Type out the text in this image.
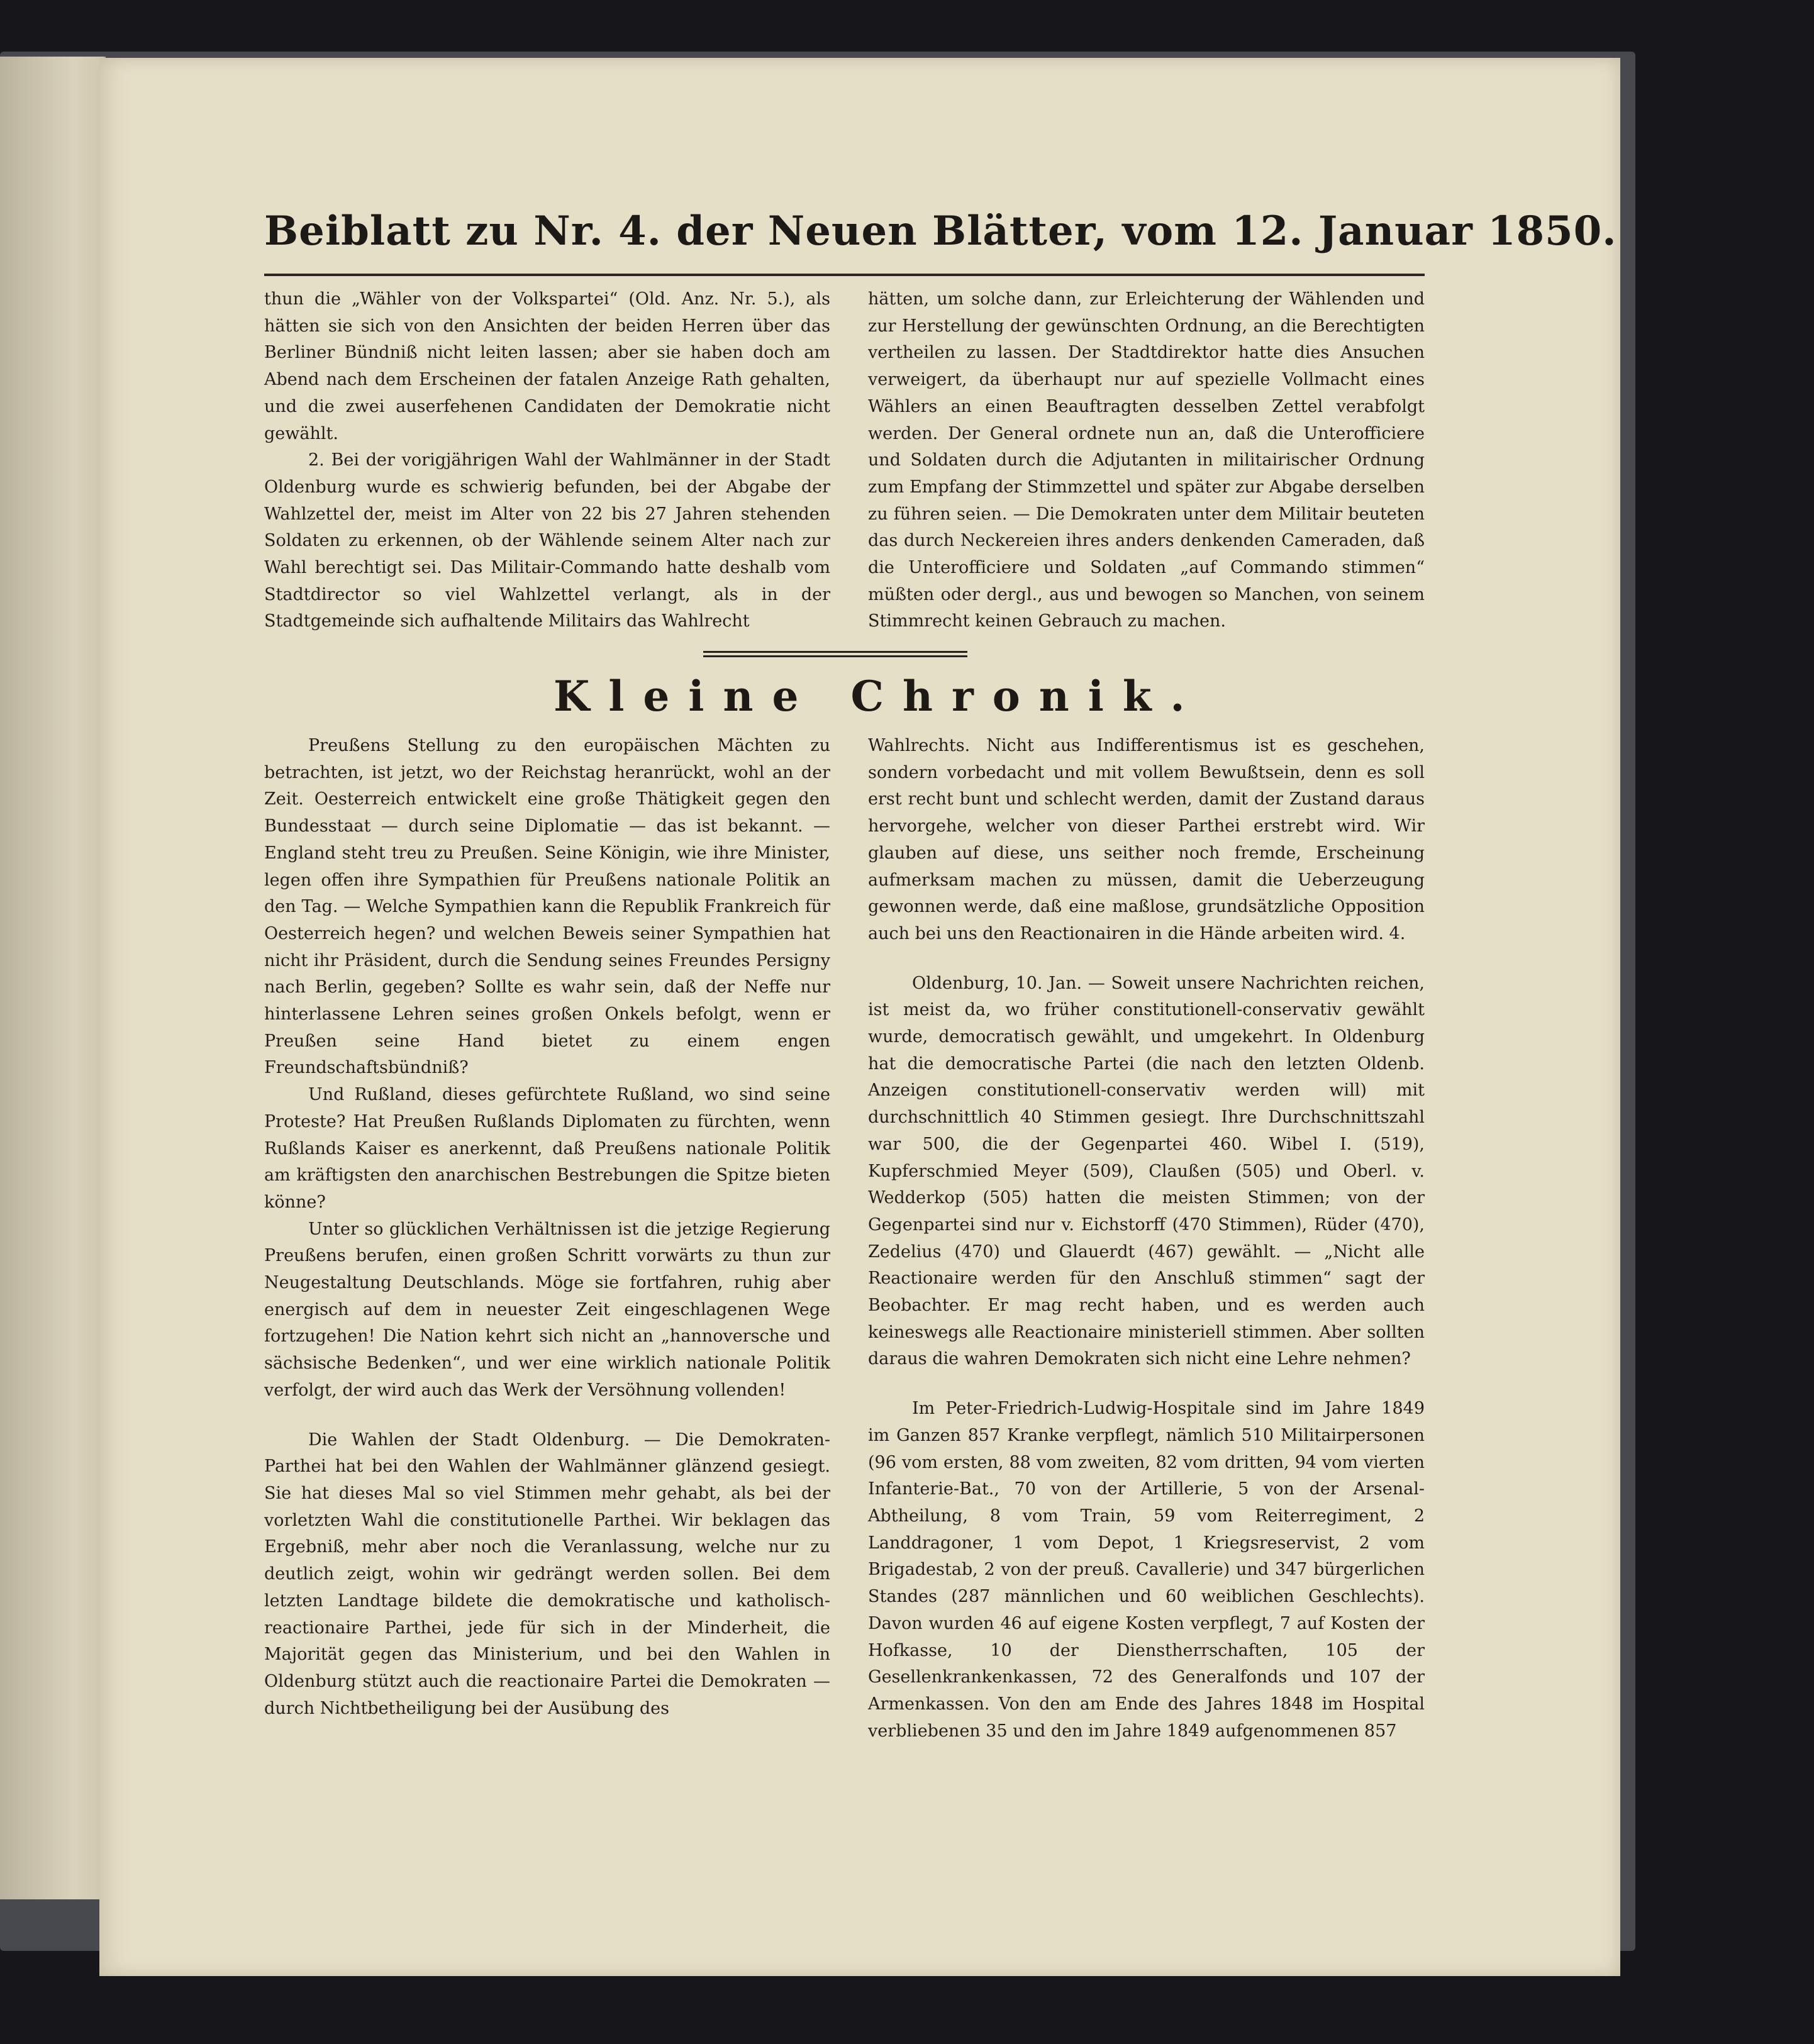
Beiblatt zu Nr. 4. der Neuen Blätter, vom 12. Januar 1850.

thun die „Wähler von der Volkspartei“ (Old. Anz. Nr. 5.), als hätten sie sich von den Ansichten der beiden Herren über das Berliner Bündniß nicht leiten lassen; aber sie haben doch am Abend nach dem Erscheinen der fatalen Anzeige Rath gehalten, und die zwei auserfehenen Candidaten der Demokratie nicht gewählt.

2. Bei der vorigjährigen Wahl der Wahlmänner in der Stadt Oldenburg wurde es schwierig befunden, bei der Abgabe der Wahlzettel der, meist im Alter von 22 bis 27 Jahren stehenden Soldaten zu erkennen, ob der Wählende seinem Alter nach zur Wahl berechtigt sei. Das Militair-Commando hatte deshalb vom Stadtdirector so viel Wahlzettel verlangt, als in der Stadtgemeinde sich aufhaltende Militairs das Wahlrecht

hätten, um solche dann, zur Erleichterung der Wählenden und zur Herstellung der gewünschten Ordnung, an die Berechtigten vertheilen zu lassen. Der Stadtdirektor hatte dies Ansuchen verweigert, da überhaupt nur auf spezielle Vollmacht eines Wählers an einen Beauftragten desselben Zettel verabfolgt werden. Der General ordnete nun an, daß die Unterofficiere und Soldaten durch die Adjutanten in militairischer Ordnung zum Empfang der Stimmzettel und später zur Abgabe derselben zu führen seien. — Die Demokraten unter dem Militair beuteten das durch Neckereien ihres anders denkenden Cameraden, daß die Unterofficiere und Soldaten „auf Commando stimmen“ müßten oder dergl., aus und bewogen so Manchen, von seinem Stimmrecht keinen Gebrauch zu machen.

Kleine Chronik.

Preußens Stellung zu den europäischen Mächten zu betrachten, ist jetzt, wo der Reichstag heranrückt, wohl an der Zeit. Oesterreich entwickelt eine große Thätigkeit gegen den Bundesstaat — durch seine Diplomatie — das ist bekannt. — England steht treu zu Preußen. Seine Königin, wie ihre Minister, legen offen ihre Sympathien für Preußens nationale Politik an den Tag. — Welche Sympathien kann die Republik Frankreich für Oesterreich hegen? und welchen Beweis seiner Sympathien hat nicht ihr Präsident, durch die Sendung seines Freundes Persigny nach Berlin, gegeben? Sollte es wahr sein, daß der Neffe nur hinterlassene Lehren seines großen Onkels befolgt, wenn er Preußen seine Hand bietet zu einem engen Freundschaftsbündniß?

Und Rußland, dieses gefürchtete Rußland, wo sind seine Proteste? Hat Preußen Rußlands Diplomaten zu fürchten, wenn Rußlands Kaiser es anerkennt, daß Preußens nationale Politik am kräftigsten den anarchischen Bestrebungen die Spitze bieten könne?

Unter so glücklichen Verhältnissen ist die jetzige Regierung Preußens berufen, einen großen Schritt vorwärts zu thun zur Neugestaltung Deutschlands. Möge sie fortfahren, ruhig aber energisch auf dem in neuester Zeit eingeschlagenen Wege fortzugehen! Die Nation kehrt sich nicht an „hannoversche und sächsische Bedenken“, und wer eine wirklich nationale Politik verfolgt, der wird auch das Werk der Versöhnung vollenden!

Die Wahlen der Stadt Oldenburg. — Die Demokraten-Parthei hat bei den Wahlen der Wahlmänner glänzend gesiegt. Sie hat dieses Mal so viel Stimmen mehr gehabt, als bei der vorletzten Wahl die constitutionelle Parthei. Wir beklagen das Ergebniß, mehr aber noch die Veranlassung, welche nur zu deutlich zeigt, wohin wir gedrängt werden sollen. Bei dem letzten Landtage bildete die demokratische und katholisch-reactionaire Parthei, jede für sich in der Minderheit, die Majorität gegen das Ministerium, und bei den Wahlen in Oldenburg stützt auch die reactionaire Partei die Demokraten — durch Nichtbetheiligung bei der Ausübung des

Wahlrechts. Nicht aus Indifferentismus ist es geschehen, sondern vorbedacht und mit vollem Bewußtsein, denn es soll erst recht bunt und schlecht werden, damit der Zustand daraus hervorgehe, welcher von dieser Parthei erstrebt wird. Wir glauben auf diese, uns seither noch fremde, Erscheinung aufmerksam machen zu müssen, damit die Ueberzeugung gewonnen werde, daß eine maßlose, grundsätzliche Opposition auch bei uns den Reactionairen in die Hände arbeiten wird. 4.

Oldenburg, 10. Jan. — Soweit unsere Nachrichten reichen, ist meist da, wo früher constitutionell-conservativ gewählt wurde, democratisch gewählt, und umgekehrt. In Oldenburg hat die democratische Partei (die nach den letzten Oldenb. Anzeigen constitutionell-conservativ werden will) mit durchschnittlich 40 Stimmen gesiegt. Ihre Durchschnittszahl war 500, die der Gegenpartei 460. Wibel I. (519), Kupferschmied Meyer (509), Claußen (505) und Oberl. v. Wedderkop (505) hatten die meisten Stimmen; von der Gegenpartei sind nur v. Eichstorff (470 Stimmen), Rüder (470), Zedelius (470) und Glauerdt (467) gewählt. — „Nicht alle Reactionaire werden für den Anschluß stimmen“ sagt der Beobachter. Er mag recht haben, und es werden auch keineswegs alle Reactionaire ministeriell stimmen. Aber sollten daraus die wahren Demokraten sich nicht eine Lehre nehmen?

Im Peter-Friedrich-Ludwig-Hospitale sind im Jahre 1849 im Ganzen 857 Kranke verpflegt, nämlich 510 Militairpersonen (96 vom ersten, 88 vom zweiten, 82 vom dritten, 94 vom vierten Infanterie-Bat., 70 von der Artillerie, 5 von der Arsenal-Abtheilung, 8 vom Train, 59 vom Reiterregiment, 2 Landdragoner, 1 vom Depot, 1 Kriegsreservist, 2 vom Brigadestab, 2 von der preuß. Cavallerie) und 347 bürgerlichen Standes (287 männlichen und 60 weiblichen Geschlechts). Davon wurden 46 auf eigene Kosten verpflegt, 7 auf Kosten der Hofkasse, 10 der Dienstherrschaften, 105 der Gesellenkrankenkassen, 72 des Generalfonds und 107 der Armenkassen. Von den am Ende des Jahres 1848 im Hospital verbliebenen 35 und den im Jahre 1849 aufgenommenen 857
